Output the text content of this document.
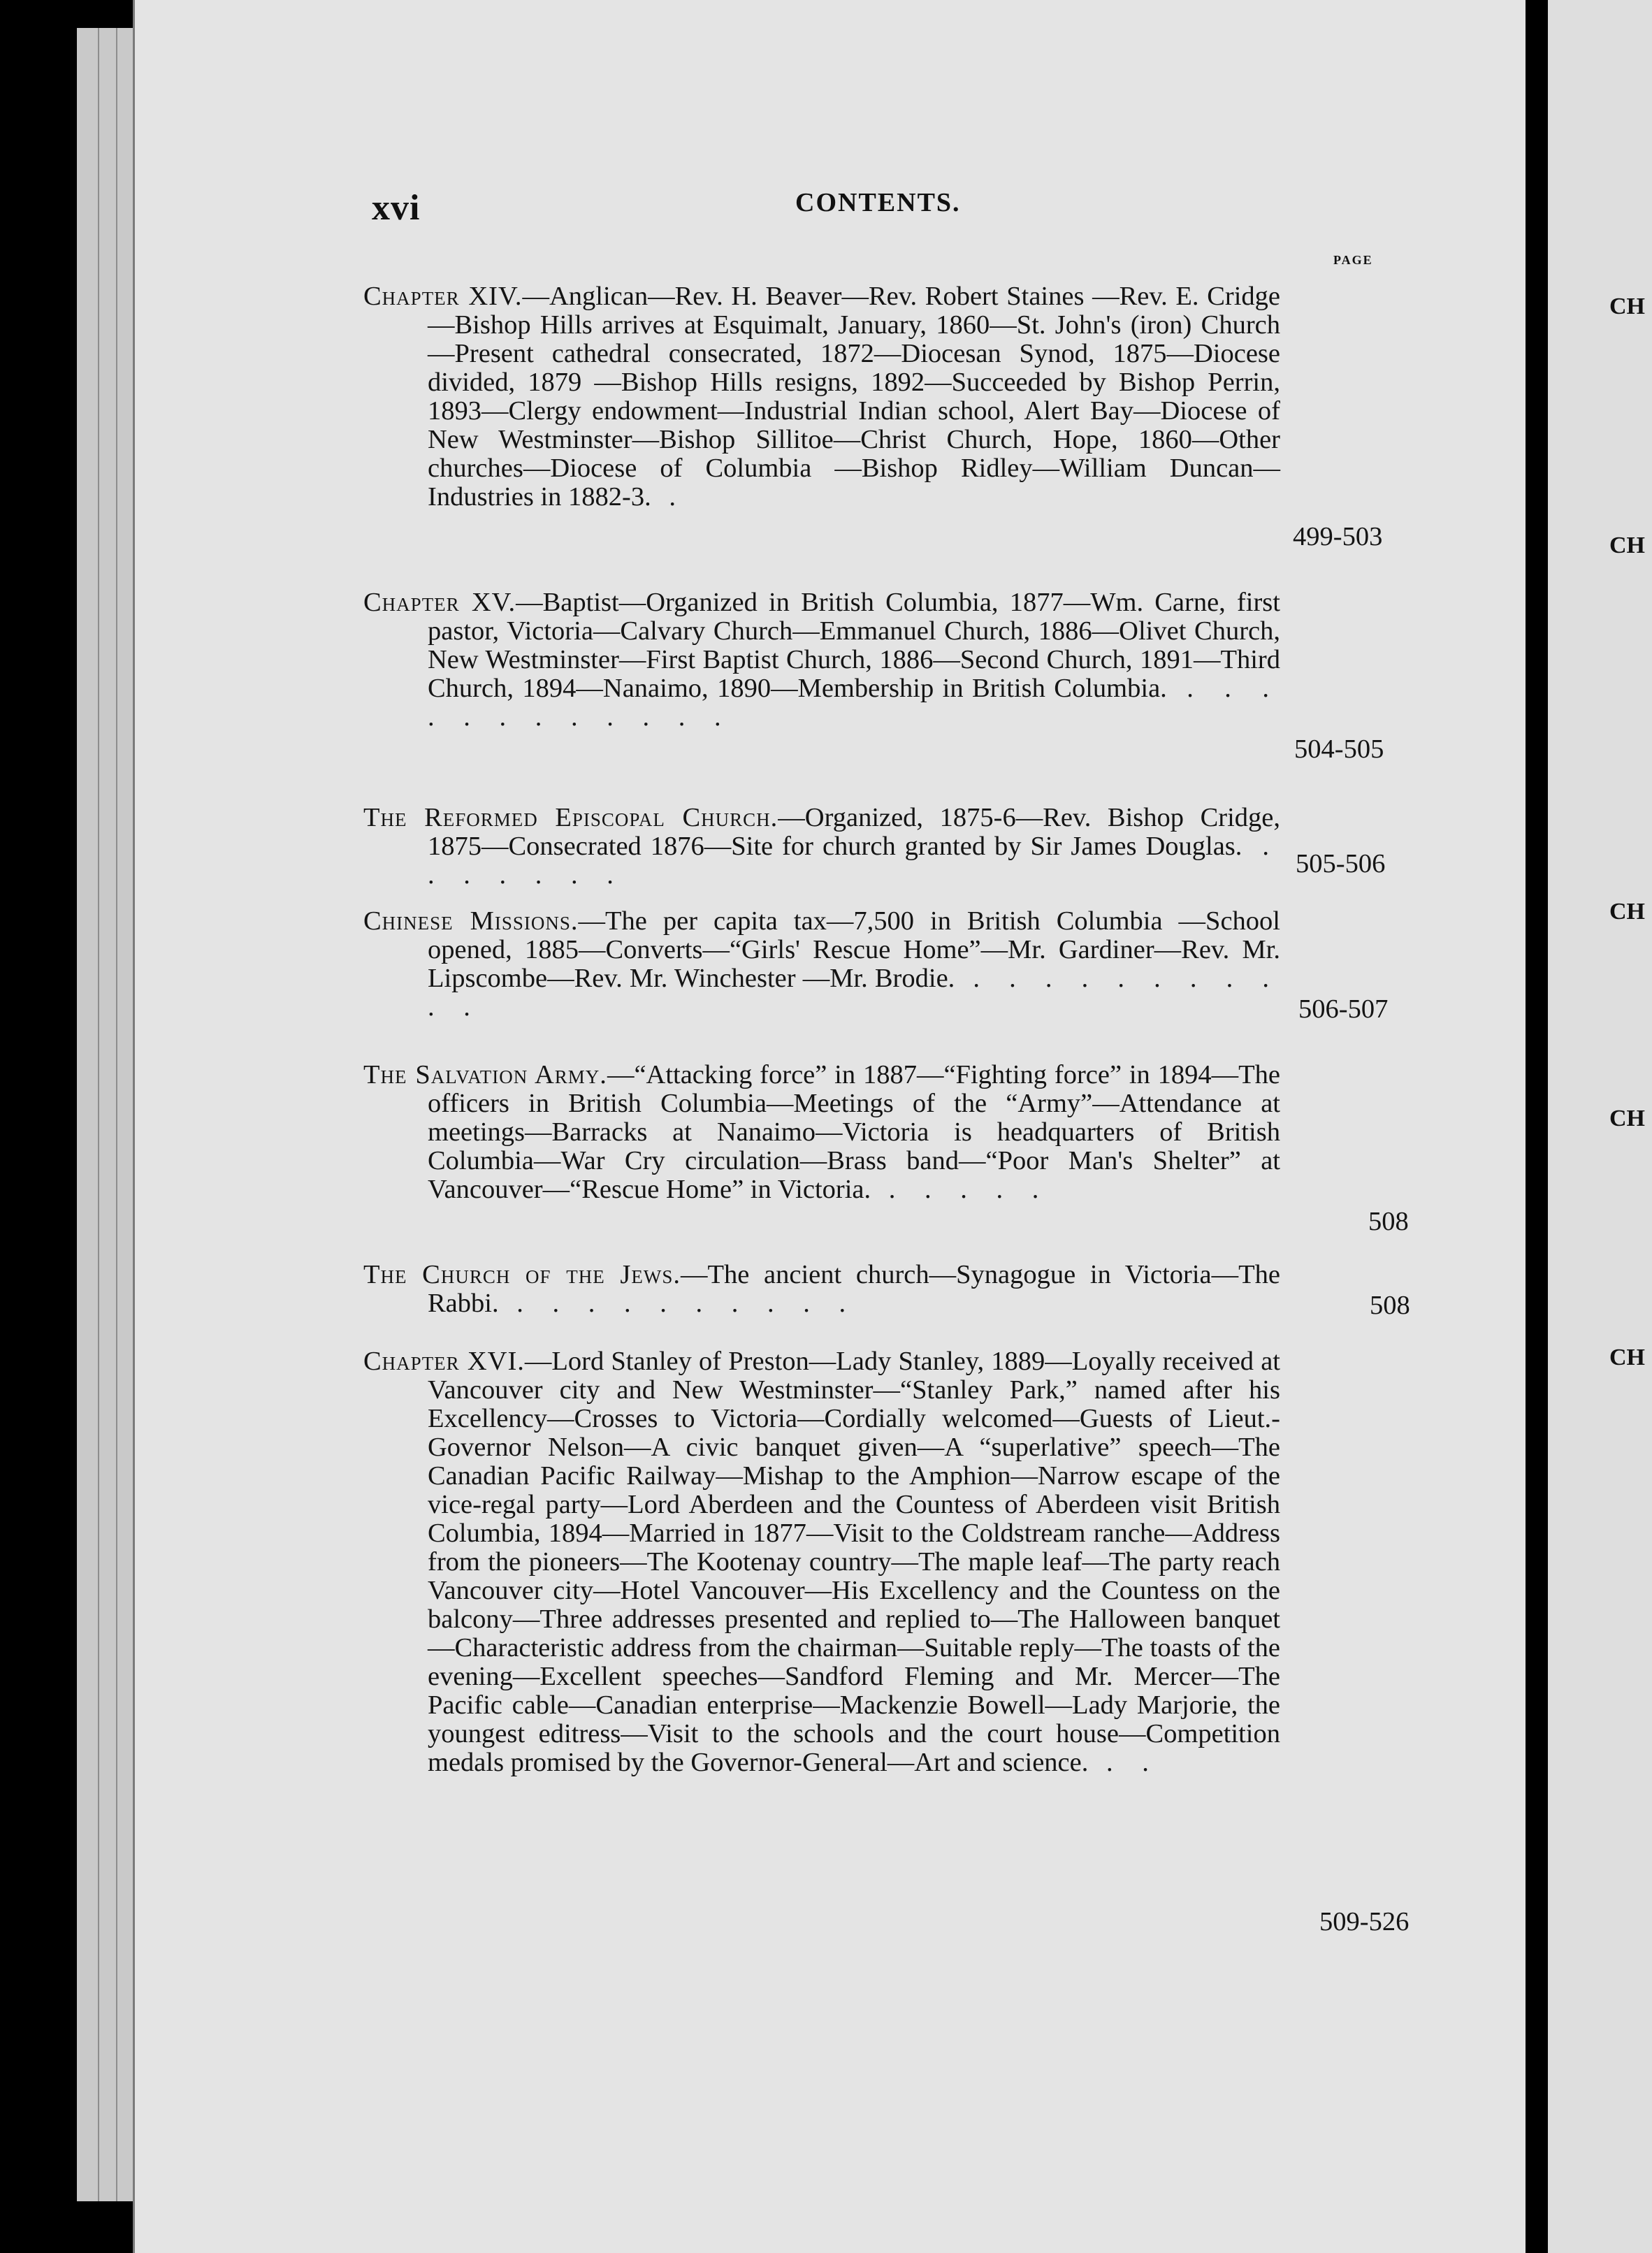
CH
CH
CH
CH
CH
xvi	CONTENTS.
PAGE
Chapter XIV.—Anglican—Rev. H. Beaver—Rev. Robert Staines —Rev. E. Cridge—Bishop Hills arrives at Esquimalt, January, 1860—St. John's (iron) Church—Present cathedral consecrated, 1872—Diocesan Synod, 1875—Diocese divided, 1879 —Bishop Hills resigns, 1892—Succeeded by Bishop Perrin, 1893—Clergy endowment—Industrial Indian school, Alert Bay—Diocese of New Westminster—Bishop Sillitoe—Christ Church, Hope, 1860—Other churches—Diocese of Columbia —Bishop Ridley—William Duncan—Industries in 1882-3. .
499-503
Chapter XV.—Baptist—Organized in British Columbia, 1877—Wm. Carne, first pastor, Victoria—Calvary Church—Emmanuel Church, 1886—Olivet Church, New Westminster—First Baptist Church, 1886—Second Church, 1891—Third Church, 1894—Nanaimo, 1890—Membership in British Columbia. . . . . . . . . . . . .
504-505
The Reformed Episcopal Church.—Organized, 1875-6—Rev. Bishop Cridge, 1875—Consecrated 1876—Site for church granted by Sir James Douglas. . . . . . . .	505-506
Chinese Missions.—The per capita tax—7,500 in British Columbia —School opened, 1885—Converts—“Girls' Rescue Home”—Mr. Gardiner—Rev. Mr. Lipscombe—Rev. Mr. Winchester —Mr. Brodie. . . . . . . . . . . .	506-507
The Salvation Army.—“Attacking force” in 1887—“Fighting force” in 1894—The officers in British Columbia—Meetings of the “Army”—Attendance at meetings—Barracks at Nanaimo—Victoria is headquarters of British Columbia—War Cry circulation—Brass band—“Poor Man's Shelter” at Vancouver—“Rescue Home” in Victoria. . . . . .
508
The Church of the Jews.—The ancient church—Synagogue in Victoria—The Rabbi. . . . . . . . . . .	508
Chapter XVI.—Lord Stanley of Preston—Lady Stanley, 1889—Loyally received at Vancouver city and New Westminster—“Stanley Park,” named after his Excellency—Crosses to Victoria—Cordially welcomed—Guests of Lieut.-Governor Nelson—A civic banquet given—A “superlative” speech—The Canadian Pacific Railway—Mishap to the Amphion—Narrow escape of the vice-regal party—Lord Aberdeen and the Countess of Aberdeen visit British Columbia, 1894—Married in 1877—Visit to the Coldstream ranche—Address from the pioneers—The Kootenay country—The maple leaf—The party reach Vancouver city—Hotel Vancouver—His Excellency and the Countess on the balcony—Three addresses presented and replied to—The Halloween banquet—Characteristic address from the chairman—Suitable reply—The toasts of the evening—Excellent speeches—Sandford Fleming and Mr. Mercer—The Pacific cable—Canadian enterprise—Mackenzie Bowell—Lady Marjorie, the youngest editress—Visit to the schools and the court house—Competition medals promised by the Governor-General—Art and science. . .
509-526
